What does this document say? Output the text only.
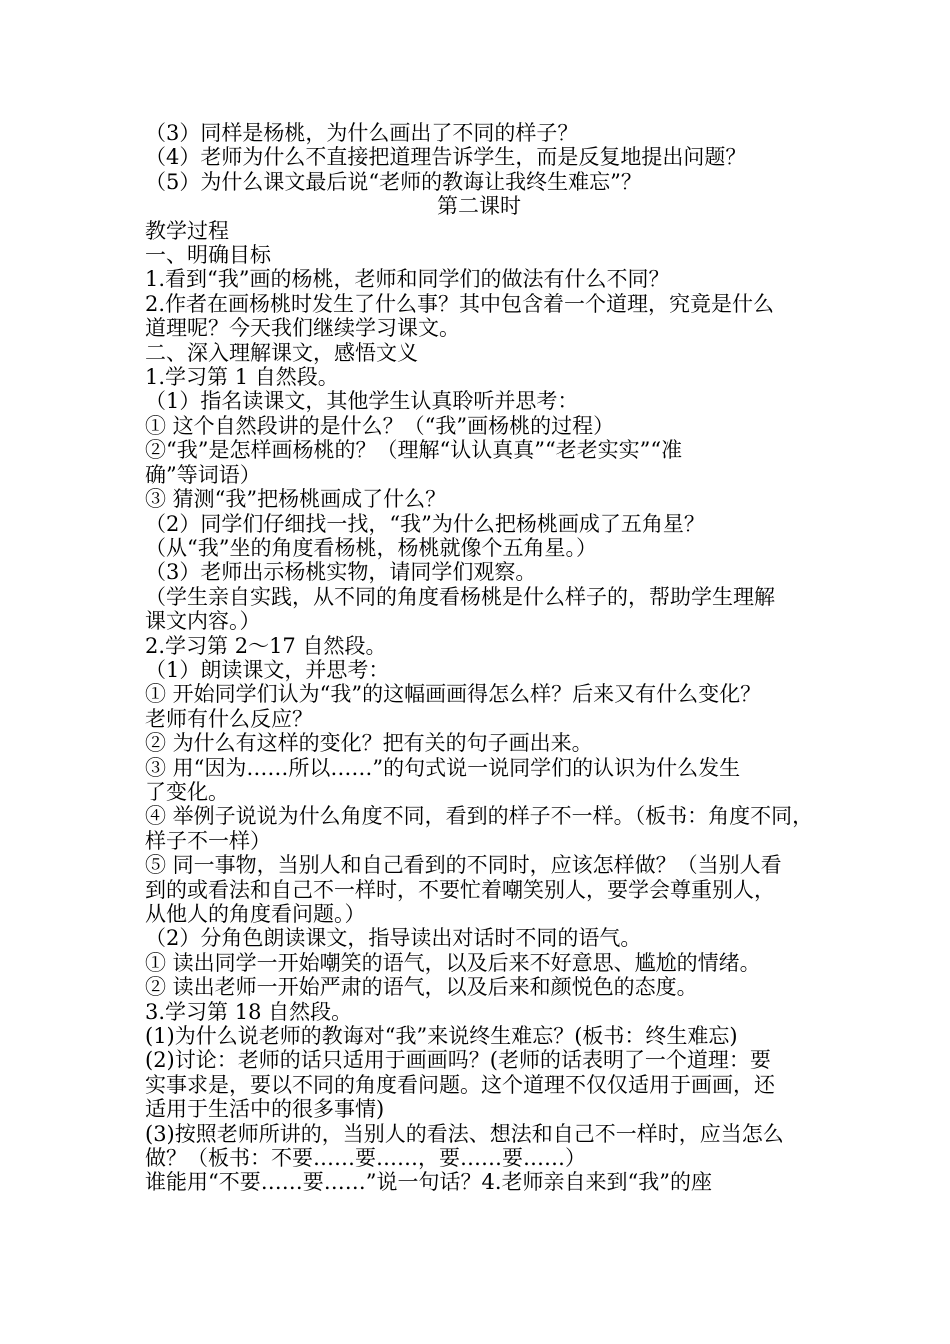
（3）同样是杨桃，为什么画出了不同的样子？
（4）老师为什么不直接把道理告诉学生，而是反复地提出问题？
（5）为什么课文最后说“老师的教诲让我终生难忘”？
第二课时
教学过程
一、明确目标
1.看到“我”画的杨桃，老师和同学们的做法有什么不同？
2.作者在画杨桃时发生了什么事？其中包含着一个道理，究竟是什么
道理呢？今天我们继续学习课文。
二、深入理解课文，感悟文义
1.学习第 1 自然段。
（1）指名读课文，其他学生认真聆听并思考：
① 这个自然段讲的是什么？（“我”画杨桃的过程）
②“我”是怎样画杨桃的？（理解“认认真真”“老老实实”“准
确”等词语）
③ 猜测“我”把杨桃画成了什么？
（2）同学们仔细找一找，“我”为什么把杨桃画成了五角星？
（从“我”坐的角度看杨桃，杨桃就像个五角星。）
（3）老师出示杨桃实物，请同学们观察。
（学生亲自实践，从不同的角度看杨桃是什么样子的，帮助学生理解
课文内容。）
2.学习第 2～17 自然段。
（1）朗读课文，并思考：
① 开始同学们认为“我”的这幅画画得怎么样？后来又有什么变化？
老师有什么反应？
② 为什么有这样的变化？把有关的句子画出来。
③ 用“因为……所以……”的句式说一说同学们的认识为什么发生
了变化。
④ 举例子说说为什么角度不同，看到的样子不一样。（板书：角度不同，
样子不一样）
⑤ 同一事物，当别人和自己看到的不同时，应该怎样做？（当别人看
到的或看法和自己不一样时，不要忙着嘲笑别人，要学会尊重别人，
从他人的角度看问题。）
（2）分角色朗读课文，指导读出对话时不同的语气。
① 读出同学一开始嘲笑的语气，以及后来不好意思、尴尬的情绪。
② 读出老师一开始严肃的语气，以及后来和颜悦色的态度。
3.学习第 18 自然段。
(1)为什么说老师的教诲对“我”来说终生难忘？(板书：终生难忘)
(2)讨论：老师的话只适用于画画吗？(老师的话表明了一个道理：要
实事求是，要以不同的角度看问题。这个道理不仅仅适用于画画，还
适用于生活中的很多事情)
(3)按照老师所讲的，当别人的看法、想法和自己不一样时，应当怎么
做？（板书：不要……要……，要……要……）
谁能用“不要……要……”说一句话？4.老师亲自来到“我”的座
